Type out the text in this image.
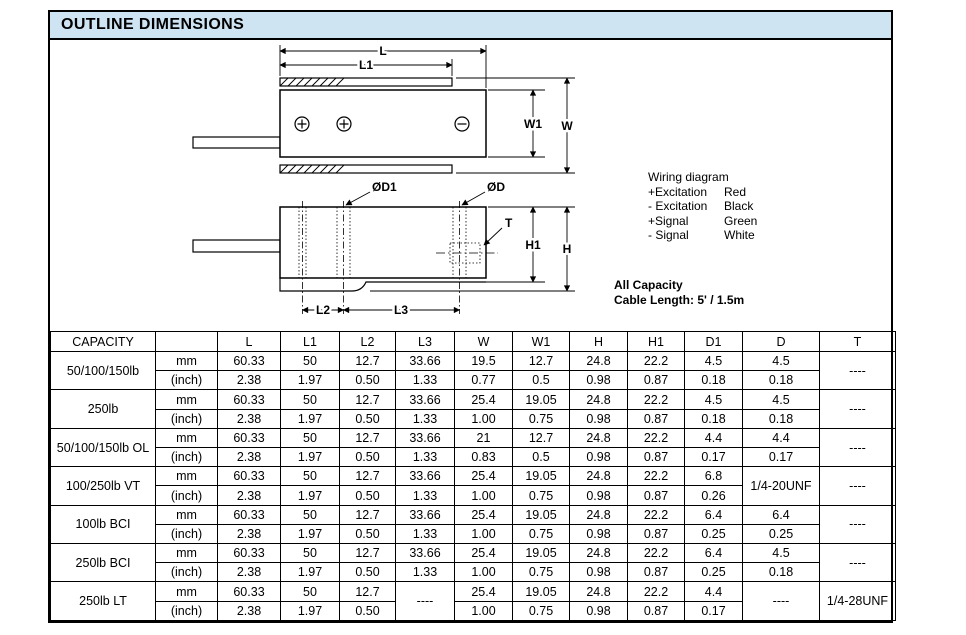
OUTLINE DIMENSIONS
L
L1
W1 W
ØD1	ØD
T
H1 H
L2	L3
Wiring diagram
+Excitation	Red
- Excitation	Black
+Signal	Green
- Signal	White
All Capacity
Cable Length: 5' / 1.5m
CAPACITY		L	L1	L2	L3	W	W1	H	H1	D1	D	T
50/100/150lb	mm	60.33	50	12.7	33.66	19.5	12.7	24.8	22.2	4.5	4.5	----
	(inch)	2.38	1.97	0.50	1.33	0.77	0.5	0.98	0.87	0.18	0.18	
250lb	mm	60.33	50	12.7	33.66	25.4	19.05	24.8	22.2	4.5	4.5	----
	(inch)	2.38	1.97	0.50	1.33	1.00	0.75	0.98	0.87	0.18	0.18	
50/100/150lb OL	mm	60.33	50	12.7	33.66	21	12.7	24.8	22.2	4.4	4.4	----
	(inch)	2.38	1.97	0.50	1.33	0.83	0.5	0.98	0.87	0.17	0.17	
100/250lb VT	mm	60.33	50	12.7	33.66	25.4	19.05	24.8	22.2	6.8	1/4-20UNF	----
	(inch)	2.38	1.97	0.50	1.33	1.00	0.75	0.98	0.87	0.26		
100lb BCI	mm	60.33	50	12.7	33.66	25.4	19.05	24.8	22.2	6.4	6.4	----
	(inch)	2.38	1.97	0.50	1.33	1.00	0.75	0.98	0.87	0.25	0.25	
250lb BCI	mm	60.33	50	12.7	33.66	25.4	19.05	24.8	22.2	6.4	4.5	----
	(inch)	2.38	1.97	0.50	1.33	1.00	0.75	0.98	0.87	0.25	0.18	
250lb LT	mm	60.33	50	12.7	----	25.4	19.05	24.8	22.2	4.4	----	1/4-28UNF
	(inch)	2.38	1.97	0.50		1.00	0.75	0.98	0.87	0.17		
